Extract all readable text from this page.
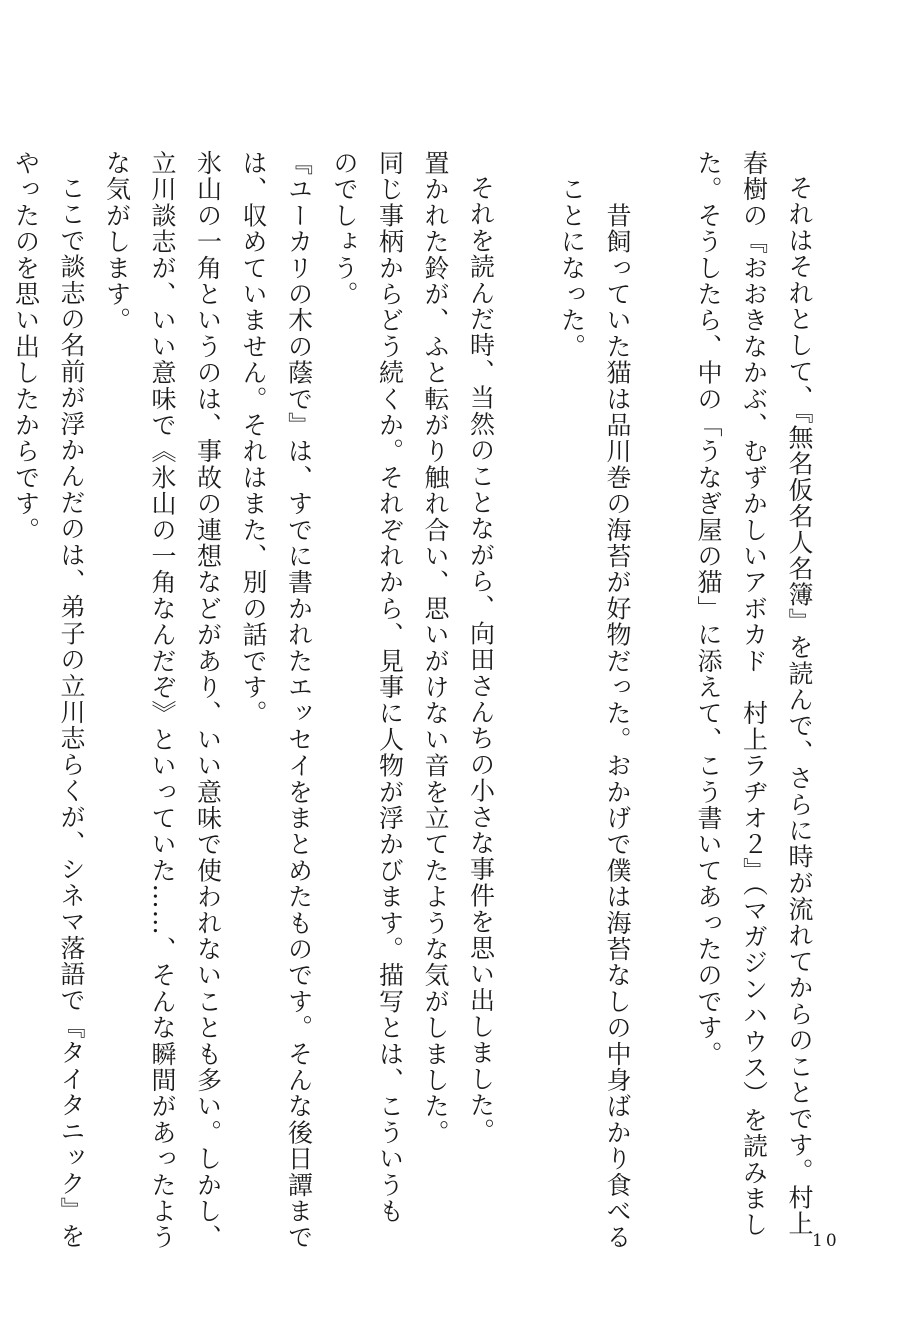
それはそれとして、『無名仮名人名簿』を読んで、さらに時が流れてからのことです。村上
春樹の『おおきなかぶ、むずかしいアボカド　村上ラヂオ２』（マガジンハウス）を読みまし
た。そうしたら、中の「うなぎ屋の猫」に添えて、こう書いてあったのです。
　　昔飼っていた猫は品川巻の海苔が好物だった。おかげで僕は海苔なしの中身ばかり食べる
　ことになった。
それを読んだ時、当然のことながら、向田さんちの小さな事件を思い出しました。
置かれた鈴が、ふと転がり触れ合い、思いがけない音を立てたような気がしました。
同じ事柄からどう続くか。それぞれから、見事に人物が浮かびます。描写とは、こういうも
のでしょう。
『ユーカリの木の蔭で』は、すでに書かれたエッセイをまとめたものです。そんな後日譚まで
は、収めていません。それはまた、別の話です。
氷山の一角というのは、事故の連想などがあり、いい意味で使われないことも多い。しかし、
立川談志が、いい意味で《氷山の一角なんだぞ》といっていた……、そんな瞬間があったよう
な気がします。
ここで談志の名前が浮かんだのは、弟子の立川志らくが、シネマ落語で『タイタニック』を
やったのを思い出したからです。
10
